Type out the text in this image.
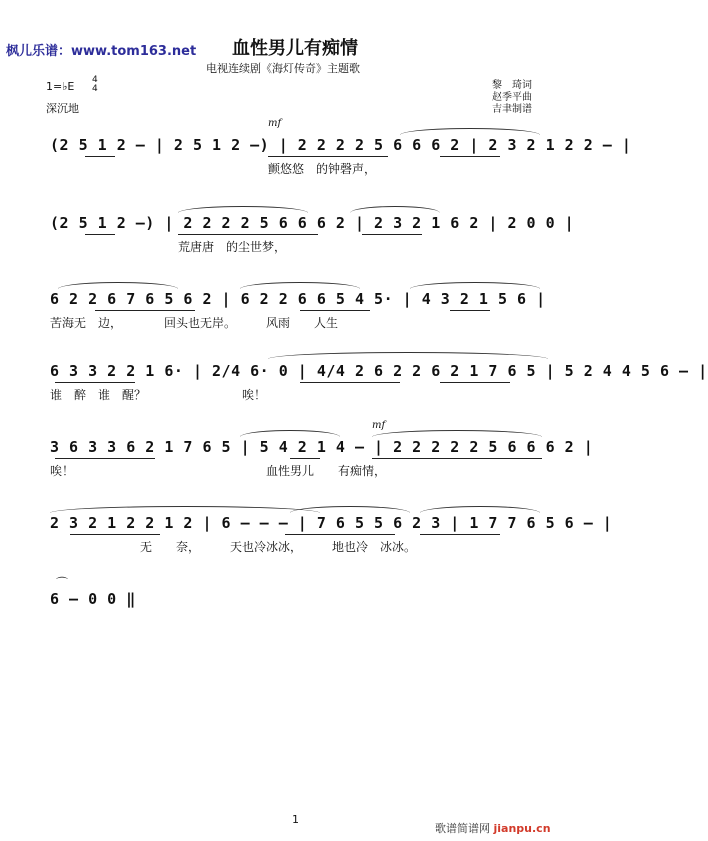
枫儿乐谱：www.tom163.net 血性男儿有痴情
电视连续剧《海灯传奇》主题歌
1=♭E 4
4
深沉地
黎　琦词
赵季平曲
吉聿制谱
mf
(2 5 1 2 – | 2 5 1 2 –) | 2 2 2 2 5 6 6 6 2 | 2 3 2 1 2 2 – |
颤悠悠　的钟磬声，
(2 5 1 2 –) | 2 2 2 2 5 6 6 6 2 | 2 3 2 1 6 2 | 2 0 0 |
荒唐唐　的尘世梦，
6 2 2 6 7 6 5 6 2 | 6 2 2 6 6 5 4 5· | 4 3 2 1 5 6 |
苦海无　边，　　　　回头也无岸。　　　风雨　　人生
6 3 3 2 2 1 6· | 2/4 6· 0 | 4/4 2 6 2 2 6 2 1 7 6 5 | 5 2 4 4 5 6 – |
谁　醉　谁　醒？　　　　　　　　唉！
mf
3 6 3 3 6 2 1 7 6 5 | 5 4 2 1 4 – | 2 2 2 2 2 5 6 6 6 2 |
唉！　　　　　　　　　　　　　　　　血性男儿　　有痴情，
2 3 2 1 2 2 1 2 | 6 – – – | 7 6 5 5 6 2 3 | 1 7 7 6 5 6 – |
无　　奈，　　　天也冷冰冰，　　　地也冷　冰冰。
⌒
6 – 0 0 ‖
1
歌谱简谱网 jianpu.cn
